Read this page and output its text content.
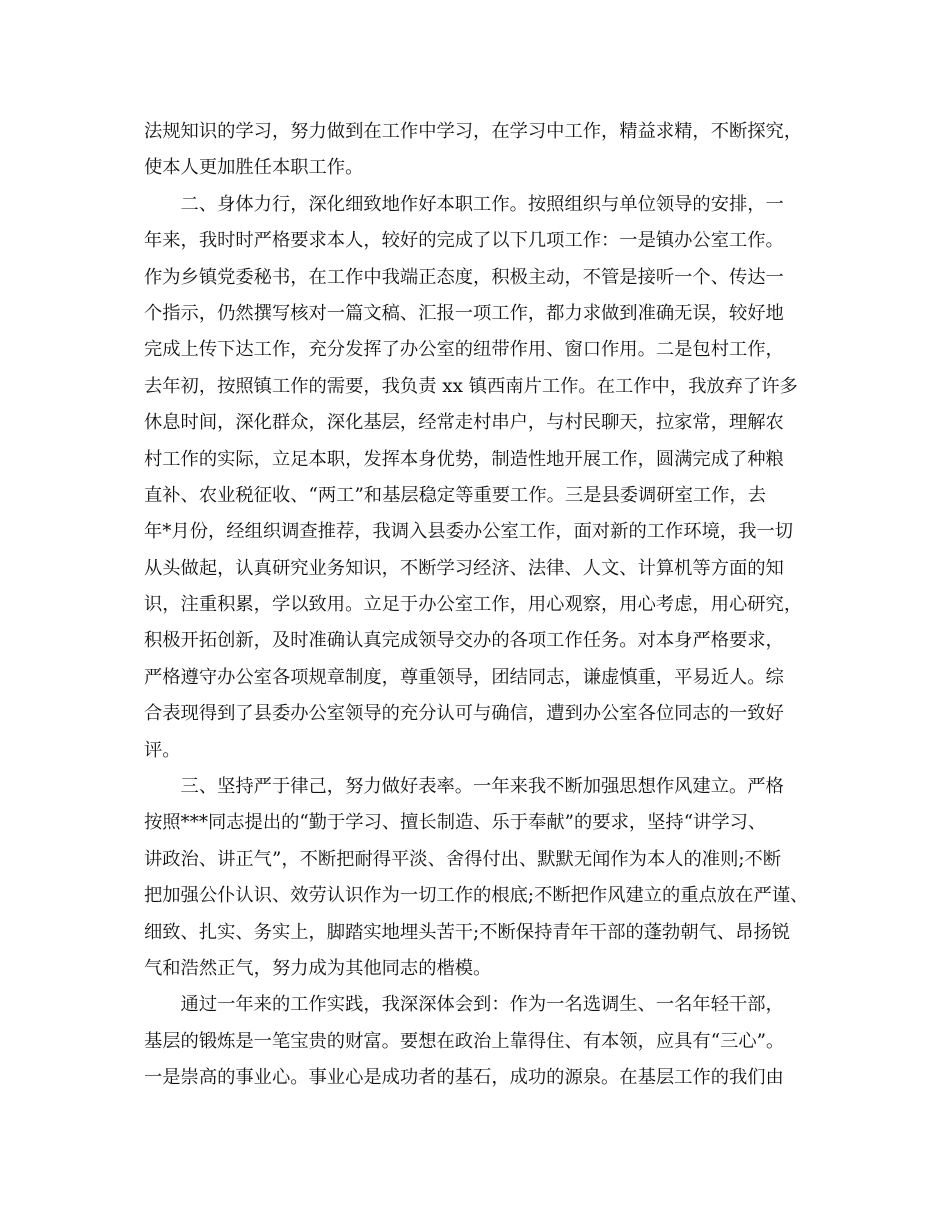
法规知识的学习，努力做到在工作中学习，在学习中工作，精益求精，不断探究，
使本人更加胜任本职工作。
　　二、身体力行，深化细致地作好本职工作。按照组织与单位领导的安排，一
年来，我时时严格要求本人，较好的完成了以下几项工作：一是镇办公室工作。
作为乡镇党委秘书，在工作中我端正态度，积极主动，不管是接听一个、传达一
个指示，仍然撰写核对一篇文稿、汇报一项工作，都力求做到准确无误，较好地
完成上传下达工作，充分发挥了办公室的纽带作用、窗口作用。二是包村工作，
去年初，按照镇工作的需要，我负责 xx 镇西南片工作。在工作中，我放弃了许多
休息时间，深化群众，深化基层，经常走村串户，与村民聊天，拉家常，理解农
村工作的实际，立足本职，发挥本身优势，制造性地开展工作，圆满完成了种粮
直补、农业税征收、“两工”和基层稳定等重要工作。三是县委调研室工作，去
年*月份，经组织调查推荐，我调入县委办公室工作，面对新的工作环境，我一切
从头做起，认真研究业务知识，不断学习经济、法律、人文、计算机等方面的知
识，注重积累，学以致用。立足于办公室工作，用心观察，用心考虑，用心研究，
积极开拓创新，及时准确认真完成领导交办的各项工作任务。对本身严格要求，
严格遵守办公室各项规章制度，尊重领导，团结同志，谦虚慎重，平易近人。综
合表现得到了县委办公室领导的充分认可与确信，遭到办公室各位同志的一致好
评。
　　三、坚持严于律己，努力做好表率。一年来我不断加强思想作风建立。严格
按照***同志提出的“勤于学习、擅长制造、乐于奉献”的要求，坚持“讲学习、
讲政治、讲正气”，不断把耐得平淡、舍得付出、默默无闻作为本人的准则;不断
把加强公仆认识、效劳认识作为一切工作的根底;不断把作风建立的重点放在严谨、
细致、扎实、务实上，脚踏实地埋头苦干;不断保持青年干部的蓬勃朝气、昂扬锐
气和浩然正气，努力成为其他同志的楷模。
　　通过一年来的工作实践，我深深体会到：作为一名选调生、一名年轻干部，
基层的锻炼是一笔宝贵的财富。要想在政治上靠得住、有本领，应具有“三心”。
一是崇高的事业心。事业心是成功者的基石，成功的源泉。在基层工作的我们由
